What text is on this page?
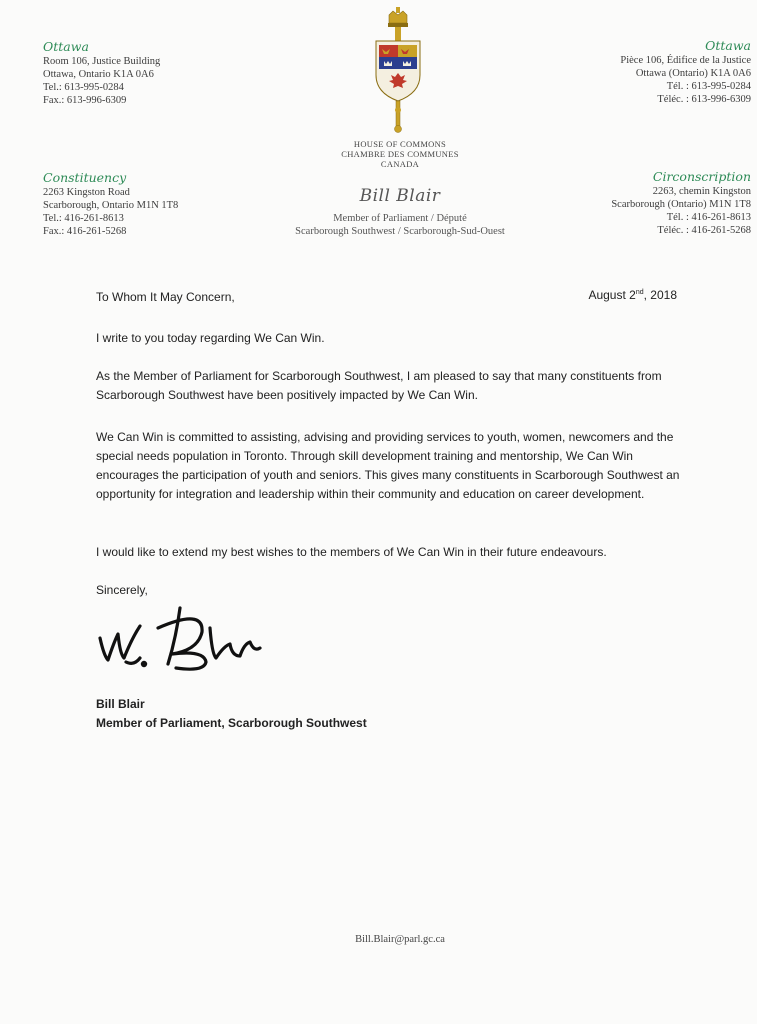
Ottawa
Room 106, Justice Building
Ottawa, Ontario K1A 0A6
Tel.: 613-995-0284
Fax.: 613-996-6309
Ottawa
Pièce 106, Édifice de la Justice
Ottawa (Ontario) K1A 0A6
Tél. : 613-995-0284
Téléc. : 613-996-6309
HOUSE OF COMMONS
CHAMBRE DES COMMUNES
CANADA
Constituency
2263 Kingston Road
Scarborough, Ontario M1N 1T8
Tel.: 416-261-8613
Fax.: 416-261-5268
Circonscription
2263, chemin Kingston
Scarborough (Ontario) M1N 1T8
Tél. : 416-261-8613
Téléc. : 416-261-5268
Bill Blair
Member of Parliament / Député
Scarborough Southwest / Scarborough-Sud-Ouest
To Whom It May Concern,	August 2nd, 2018
I write to you today regarding We Can Win.
As the Member of Parliament for Scarborough Southwest, I am pleased to say that many constituents from Scarborough Southwest have been positively impacted by We Can Win.
We Can Win is committed to assisting, advising and providing services to youth, women, newcomers and the special needs population in Toronto. Through skill development training and mentorship, We Can Win encourages the participation of youth and seniors. This gives many constituents in Scarborough Southwest an opportunity for integration and leadership within their community and education on career development.
I would like to extend my best wishes to the members of We Can Win in their future endeavours.
Sincerely,
Bill Blair
Member of Parliament, Scarborough Southwest
Bill.Blair@parl.gc.ca
